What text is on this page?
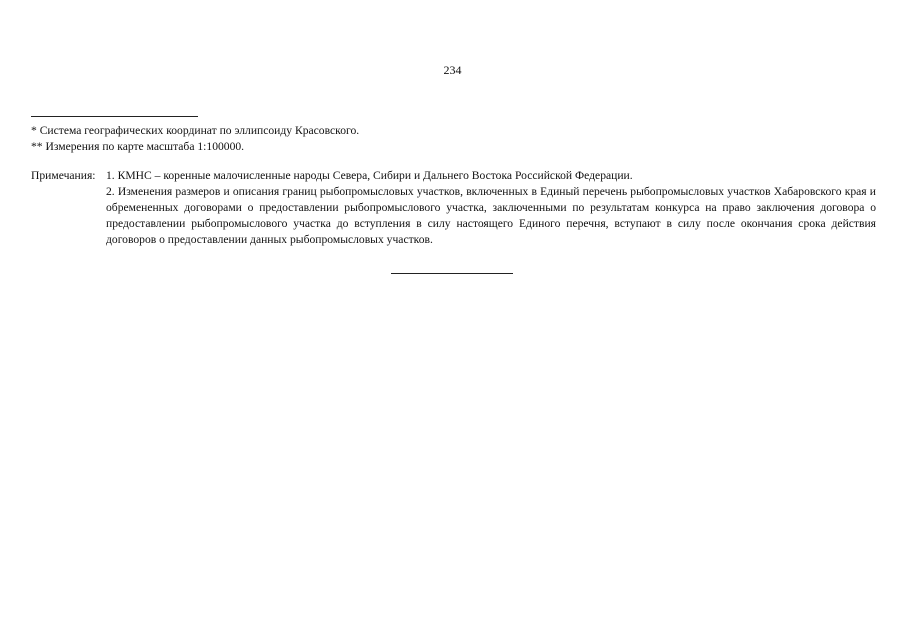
234
* Система географических координат по эллипсоиду Красовского.
** Измерения по карте масштаба 1:100000.
Примечания: 1. КМНС – коренные малочисленные народы Севера, Сибири и Дальнего Востока Российской Федерации.
2. Изменения размеров и описания границ рыбопромысловых участков, включенных в Единый перечень рыбопромысловых участков Хабаровского края и обремененных договорами о предоставлении рыбопромыслового участка, заключенными по результатам конкурса на право заключения договора о предоставлении рыбопромыслового участка до вступления в силу настоящего Единого перечня, вступают в силу после окончания срока действия договоров о предоставлении данных рыбопромысловых участков.
